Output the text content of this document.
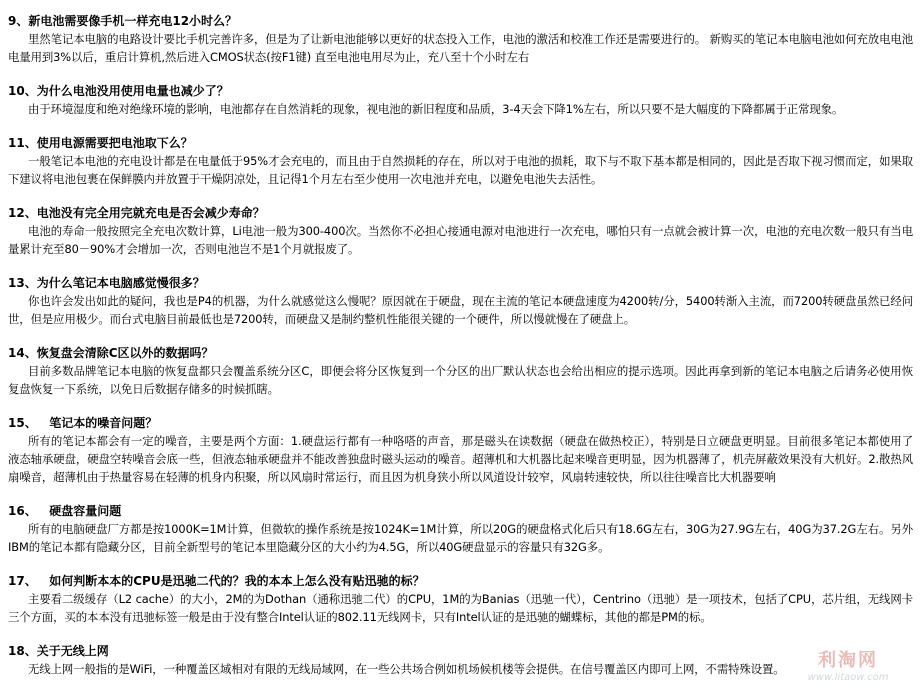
9、新电池需要像手机一样充电12小时么？

里然笔记本电脑的电路设计要比手机完善许多，但是为了让新电池能够以更好的状态投入工作，电池的激活和校准工作还是需要进行的。 新购买的笔记本电脑电池如何充放电电池电量用到3%以后，重启计算机,然后进入CMOS状态(按F1键) 直至电池电用尽为止，充八至十个小时左右

10、为什么电池没用使用电量也减少了？

由于环境湿度和绝对绝缘环境的影响，电池都存在自然消耗的现象，视电池的新旧程度和品质，3-4天会下降1%左右，所以只要不是大幅度的下降都属于正常现象。

11、使用电源需要把电池取下么？

一般笔记本电池的充电设计都是在电量低于95%才会充电的，而且由于自然损耗的存在，所以对于电池的损耗，取下与不取下基本都是相同的，因此是否取下视习惯而定，如果取下建议将电池包裹在保鲜膜内并放置于干燥阴凉处，且记得1个月左右至少使用一次电池并充电，以避免电池失去活性。

12、电池没有完全用完就充电是否会减少寿命？

电池的寿命一般按照完全充电次数计算，Li电池一般为300-400次。当然你不必担心接通电源对电池进行一次充电，哪怕只有一点就会被计算一次，电池的充电次数一般只有当电量累计充至80－90%才会增加一次，否则电池岂不是1个月就报废了。

13、为什么笔记本电脑感觉慢很多？

你也许会发出如此的疑问，我也是P4的机器，为什么就感觉这么慢呢？原因就在于硬盘，现在主流的笔记本硬盘速度为4200转/分，5400转渐入主流，而7200转硬盘虽然已经问世，但是应用极少。而台式电脑目前最低也是7200转，而硬盘又是制约整机性能很关键的一个硬件，所以慢就慢在了硬盘上。

14、恢复盘会清除C区以外的数据吗？

目前多数品牌笔记本电脑的恢复盘都只会覆盖系统分区C，即便会将分区恢复到一个分区的出厂默认状态也会给出相应的提示选项。因此再拿到新的笔记本电脑之后请务必使用恢复盘恢复一下系统，以免日后数据存储多的时候抓瞎。

15、   笔记本的噪音问题？

所有的笔记本都会有一定的噪音，主要是两个方面：1.硬盘运行都有一种咯嗒的声音，那是磁头在读数据（硬盘在做热校正），特别是日立硬盘更明显。目前很多笔记本都使用了液态轴承硬盘，硬盘空转噪音会底一些，但液态轴承硬盘并不能改善独盘时磁头运动的噪音。超薄机和大机器比起来噪音更明显，因为机器薄了，机壳屏蔽效果没有大机好。2.散热风扇噪音，超薄机由于热量容易在轻薄的机身内积聚，所以风扇时常运行，而且因为机身狭小所以风道设计较窄，风扇转速较快，所以往往噪音比大机器要响

16、   硬盘容量问题

所有的电脑硬盘厂方都是按1000K=1M计算，但微软的操作系统是按1024K=1M计算，所以20G的硬盘格式化后只有18.6G左右，30G为27.9G左右，40G为37.2G左右。另外IBM的笔记本都有隐藏分区，目前全新型号的笔记本里隐藏分区的大小约为4.5G，所以40G硬盘显示的容量只有32G多。

17、   如何判断本本的CPU是迅驰二代的？我的本本上怎么没有贴迅驰的标？

主要看二级缓存（L2 cache）的大小，2M的为Dothan（通称迅驰二代）的CPU，1M的为Banias（迅驰一代），Centrino（迅驰）是一项技术，包括了CPU，芯片组，无线网卡三个方面，买的本本没有迅驰标签一般是由于没有整合Intel认证的802.11无线网卡，只有Intel认证的是迅驰的蝴蝶标，其他的都是PM的标。

18、关于无线上网

无线上网一般指的是WiFi，一种覆盖区域相对有限的无线局域网，在一些公共场合例如机场候机楼等会提供。在信号覆盖区内即可上网，不需特殊设置。	利淘网

www.litaow.com
